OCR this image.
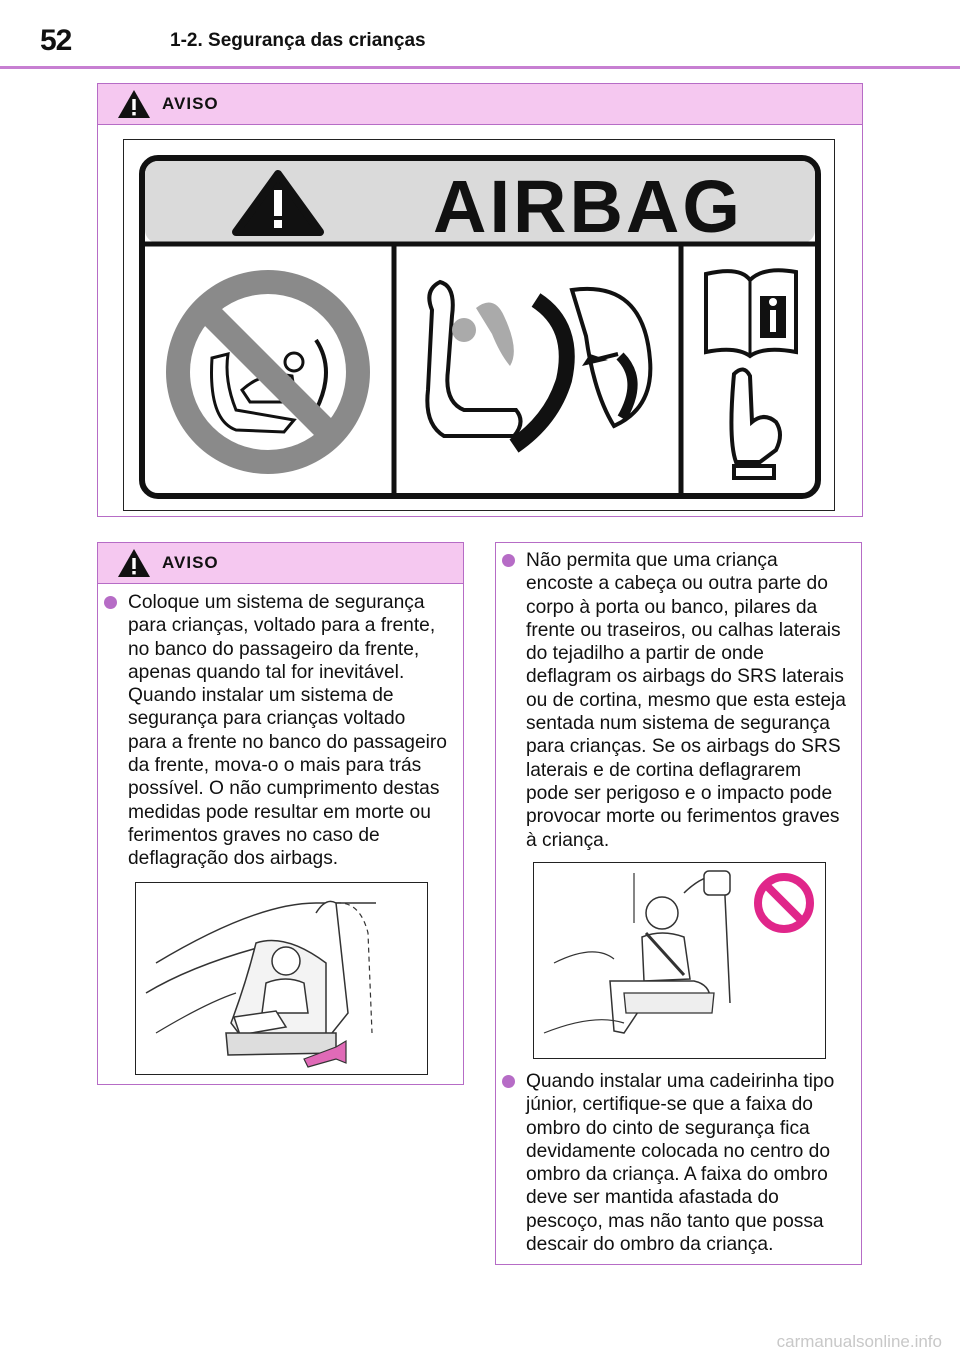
52	1-2. Segurança das crianças
AVISO
AIRBAG
AVISO

Coloque um sistema de segurança para crianças, voltado para a frente, no banco do passageiro da frente, apenas quando tal for inevitável. Quando instalar um sistema de segurança para crianças voltado para a frente no banco do passageiro da frente, mova-o o mais para trás possível. O não cumprimento destas medidas pode resultar em morte ou ferimentos graves no caso de deflagração dos airbags.

Não permita que uma criança encoste a cabeça ou outra parte do corpo à porta ou banco, pilares da frente ou traseiros, ou calhas laterais do tejadilho a partir de onde deflagram os airbags do SRS laterais ou de cortina, mesmo que esta esteja sentada num sistema de segurança para crianças. Se os airbags do SRS laterais e de cortina deflagrarem pode ser perigoso e o impacto pode provocar morte ou ferimentos graves à criança.

Quando instalar uma cadeirinha tipo júnior, certifique-se que a faixa do ombro do cinto de segurança fica devidamente colocada no centro do ombro da criança. A faixa do ombro deve ser mantida afastada do pescoço, mas não tanto que possa descair do ombro da criança.

carmanualsonline.info
